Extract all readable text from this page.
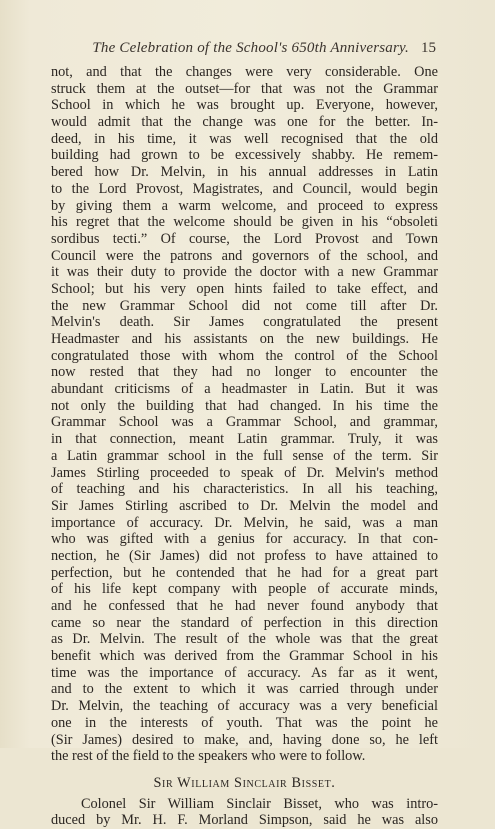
The Celebration of the School's 650th Anniversary. 15
not, and that the changes were very considerable. One
struck them at the outset—for that was not the Grammar
School in which he was brought up. Everyone, however,
would admit that the change was one for the better. In-
deed, in his time, it was well recognised that the old
building had grown to be excessively shabby. He remem-
bered how Dr. Melvin, in his annual addresses in Latin
to the Lord Provost, Magistrates, and Council, would begin
by giving them a warm welcome, and proceed to express
his regret that the welcome should be given in his “obsoleti
sordibus tecti.” Of course, the Lord Provost and Town
Council were the patrons and governors of the school, and
it was their duty to provide the doctor with a new Grammar
School; but his very open hints failed to take effect, and
the new Grammar School did not come till after Dr.
Melvin's death. Sir James congratulated the present
Headmaster and his assistants on the new buildings. He
congratulated those with whom the control of the School
now rested that they had no longer to encounter the
abundant criticisms of a headmaster in Latin. But it was
not only the building that had changed. In his time the
Grammar School was a Grammar School, and grammar,
in that connection, meant Latin grammar. Truly, it was
a Latin grammar school in the full sense of the term. Sir
James Stirling proceeded to speak of Dr. Melvin's method
of teaching and his characteristics. In all his teaching,
Sir James Stirling ascribed to Dr. Melvin the model and
importance of accuracy. Dr. Melvin, he said, was a man
who was gifted with a genius for accuracy. In that con-
nection, he (Sir James) did not profess to have attained to
perfection, but he contended that he had for a great part
of his life kept company with people of accurate minds,
and he confessed that he had never found anybody that
came so near the standard of perfection in this direction
as Dr. Melvin. The result of the whole was that the great
benefit which was derived from the Grammar School in his
time was the importance of accuracy. As far as it went,
and to the extent to which it was carried through under
Dr. Melvin, the teaching of accuracy was a very beneficial
one in the interests of youth. That was the point he
(Sir James) desired to make, and, having done so, he left
the rest of the field to the speakers who were to follow.
Sir William Sinclair Bisset.
Colonel Sir William Sinclair Bisset, who was intro-
duced by Mr. H. F. Morland Simpson, said he was also
